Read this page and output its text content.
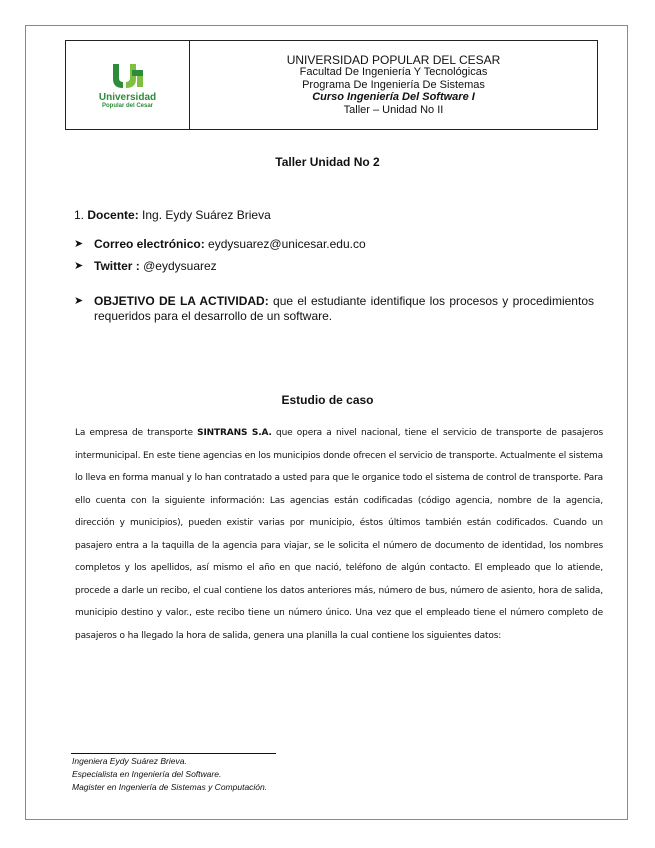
Universidad
Popular del Cesar
UNIVERSIDAD POPULAR DEL CESAR
Facultad De Ingeniería Y Tecnológicas
Programa De Ingeniería De Sistemas
Curso Ingeniería Del Software I
Taller – Unidad No II
Taller Unidad No 2
1. Docente: Ing. Eydy Suárez Brieva
➤ Correo electrónico: eydysuarez@unicesar.edu.co
➤ Twitter : @eydysuarez
➤ OBJETIVO DE LA ACTIVIDAD: que el estudiante identifique los procesos y procedimientos requeridos para el desarrollo de un software.
Estudio de caso
La empresa de transporte SINTRANS S.A. que opera a nivel nacional, tiene el servicio de transporte de pasajeros intermunicipal. En este tiene agencias en los municipios donde ofrecen el servicio de transporte. Actualmente el sistema lo lleva en forma manual y lo han contratado a usted para que le organice todo el sistema de control de transporte. Para ello cuenta con la siguiente información: Las agencias están codificadas (código agencia, nombre de la agencia, dirección y municipios), pueden existir varias por municipio, éstos últimos también están codificados. Cuando un pasajero entra a la taquilla de la agencia para viajar, se le solicita el número de documento de identidad, los nombres completos y los apellidos, así mismo el año en que nació, teléfono de algún contacto. El empleado que lo atiende, procede a darle un recibo, el cual contiene los datos anteriores más, número de bus, número de asiento, hora de salida, municipio destino y valor., este recibo tiene un número único. Una vez que el empleado tiene el número completo de pasajeros o ha llegado la hora de salida, genera una planilla la cual contiene los siguientes datos:
Ingeniera Eydy Suárez Brieva.
Especialista en Ingeniería del Software.
Magister en Ingeniería de Sistemas y Computación.
